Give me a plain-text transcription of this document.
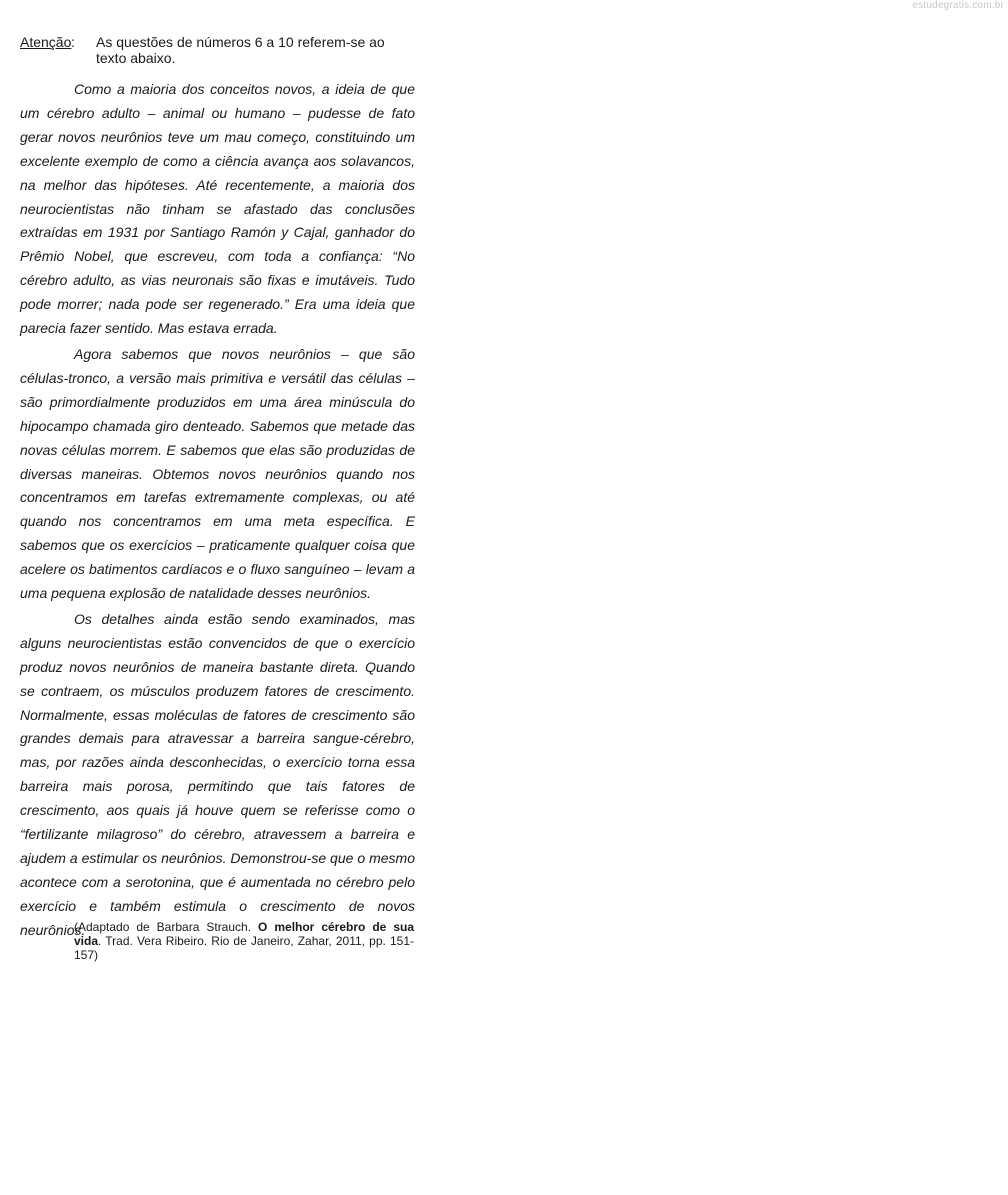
estudegratis.com.br
Atenção : As questões de números 6 a 10 referem-se ao texto abaixo.

Como a maioria dos conceitos novos, a ideia de que um cérebro adulto – animal ou humano – pudesse de fato gerar novos neurônios teve um mau começo, constituindo um excelente exemplo de como a ciência avança aos solavancos, na melhor das hipóteses. Até recentemente, a maioria dos neurocientistas não tinham se afastado das conclusões extraídas em 1931 por Santiago Ramón y Cajal, ganhador do Prêmio Nobel, que escreveu, com toda a confiança: “No cérebro adulto, as vias neuronais são fixas e imutáveis. Tudo pode morrer; nada pode ser regenerado.” Era uma ideia que parecia fazer sentido. Mas estava errada.

Agora sabemos que novos neurônios – que são células-tronco, a versão mais primitiva e versátil das células – são primordialmente produzidos em uma área minúscula do hipocampo chamada giro denteado. Sabemos que metade das novas células morrem. E sabemos que elas são produzidas de diversas maneiras. Obtemos novos neurônios quando nos concentramos em tarefas extremamente complexas, ou até quando nos concentramos em uma meta específica. E sabemos que os exercícios – praticamente qualquer coisa que acelere os batimentos cardíacos e o fluxo sanguíneo – levam a uma pequena explosão de natalidade desses neurônios.

Os detalhes ainda estão sendo examinados, mas alguns neurocientistas estão convencidos de que o exercício produz novos neurônios de maneira bastante direta. Quando se contraem, os músculos produzem fatores de crescimento. Normalmente, essas moléculas de fatores de crescimento são grandes demais para atravessar a barreira sangue-cérebro, mas, por razões ainda desconhecidas, o exercício torna essa barreira mais porosa, permitindo que tais fatores de crescimento, aos quais já houve quem se referisse como o “fertilizante milagroso” do cérebro, atravessem a barreira e ajudem a estimular os neurônios. Demonstrou-se que o mesmo acontece com a serotonina, que é aumentada no cérebro pelo exercício e também estimula o crescimento de novos neurônios.

(Adaptado de Barbara Strauch. O melhor cérebro de sua vida. Trad. Vera Ribeiro. Rio de Janeiro, Zahar, 2011, pp. 151-157)
